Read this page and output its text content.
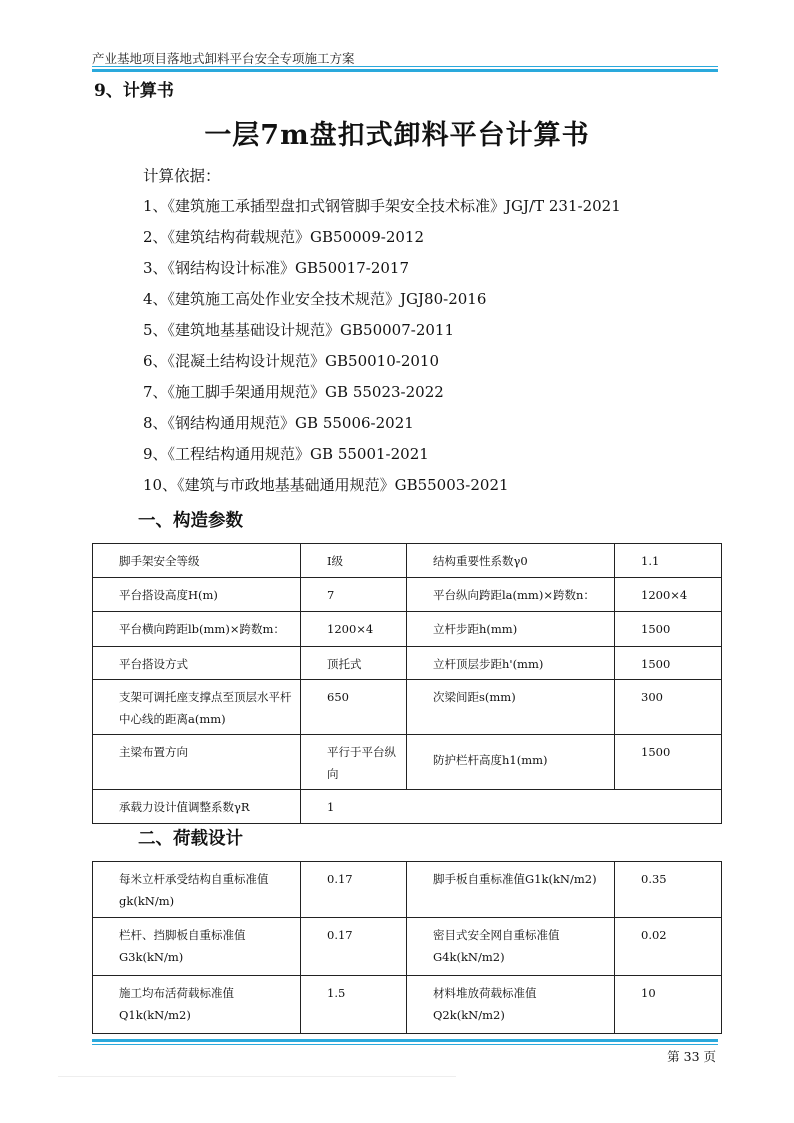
产业基地项目落地式卸料平台安全专项施工方案
9、计算书
一层7m盘扣式卸料平台计算书
计算依据：
1、《建筑施工承插型盘扣式钢管脚手架安全技术标准》JGJ/T 231-2021
2、《建筑结构荷载规范》GB50009-2012
3、《钢结构设计标准》GB50017-2017
4、《建筑施工高处作业安全技术规范》JGJ80-2016
5、《建筑地基基础设计规范》GB50007-2011
6、《混凝土结构设计规范》GB50010-2010
7、《施工脚手架通用规范》GB 55023-2022
8、《钢结构通用规范》GB 55006-2021
9、《工程结构通用规范》GB 55001-2021
10、《建筑与市政地基基础通用规范》GB55003-2021
一、构造参数
脚手架安全等级	I级	结构重要性系数γ0	1.1
平台搭设高度H(m)	7	平台纵向跨距la(mm)×跨数n：	1200×4
平台横向跨距lb(mm)×跨数m：	1200×4	立杆步距h(mm)	1500
平台搭设方式	顶托式	立杆顶层步距h'(mm)	1500
支架可调托座支撑点至顶层水平杆中心线的距离a(mm)	650	次梁间距s(mm)	300
主梁布置方向	平行于平台纵向	防护栏杆高度h1(mm)	1500
承载力设计值调整系数γR	1		
二、荷载设计
每米立杆承受结构自重标准值gk(kN/m)	0.17	脚手板自重标准值G1k(kN/m2)	0.35
栏杆、挡脚板自重标准值G3k(kN/m)	0.17	密目式安全网自重标准值G4k(kN/m2)	0.02
施工均布活荷载标准值Q1k(kN/m2)	1.5	材料堆放荷载标准值Q2k(kN/m2)	10
第 33 页
